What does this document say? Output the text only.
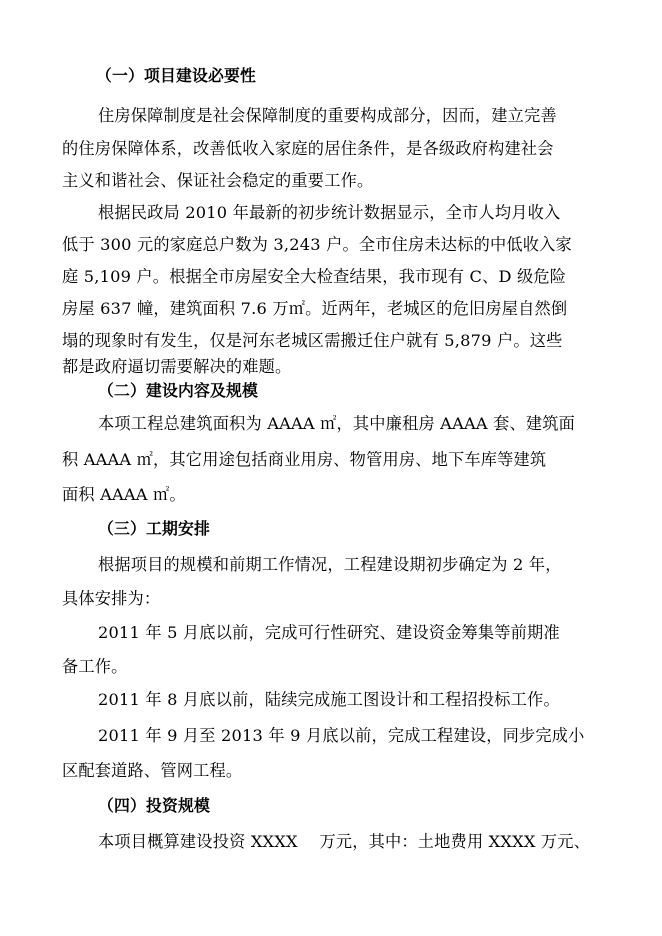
（一）项目建设必要性
住房保障制度是社会保障制度的重要构成部分，因而，建立完善
的住房保障体系，改善低收入家庭的居住条件，是各级政府构建社会
主义和谐社会、保证社会稳定的重要工作。
根据民政局 2010 年最新的初步统计数据显示，全市人均月收入
低于 300 元的家庭总户数为 3,243 户。全市住房未达标的中低收入家
庭 5,109 户。根据全市房屋安全大检查结果，我市现有 C、D 级危险
房屋 637 幢，建筑面积 7.6 万㎡。近两年，老城区的危旧房屋自然倒
塌的现象时有发生，仅是河东老城区需搬迁住户就有 5,879 户。这些
都是政府逼切需要解决的难题。
（二）建设内容及规模
本项工程总建筑面积为 AAAA ㎡，其中廉租房 AAAA 套、建筑面
积 AAAA ㎡，其它用途包括商业用房、物管用房、地下车库等建筑
面积 AAAA ㎡。
（三）工期安排
根据项目的规模和前期工作情况，工程建设期初步确定为 2 年，
具体安排为：
2011 年 5 月底以前，完成可行性研究、建设资金筹集等前期准
备工作。
2011 年 8 月底以前，陆续完成施工图设计和工程招投标工作。
2011 年 9 月至 2013 年 9 月底以前，完成工程建设，同步完成小
区配套道路、管网工程。
（四）投资规模
本项目概算建设投资 XXXX　 万元，其中：土地费用 XXXX 万元、
